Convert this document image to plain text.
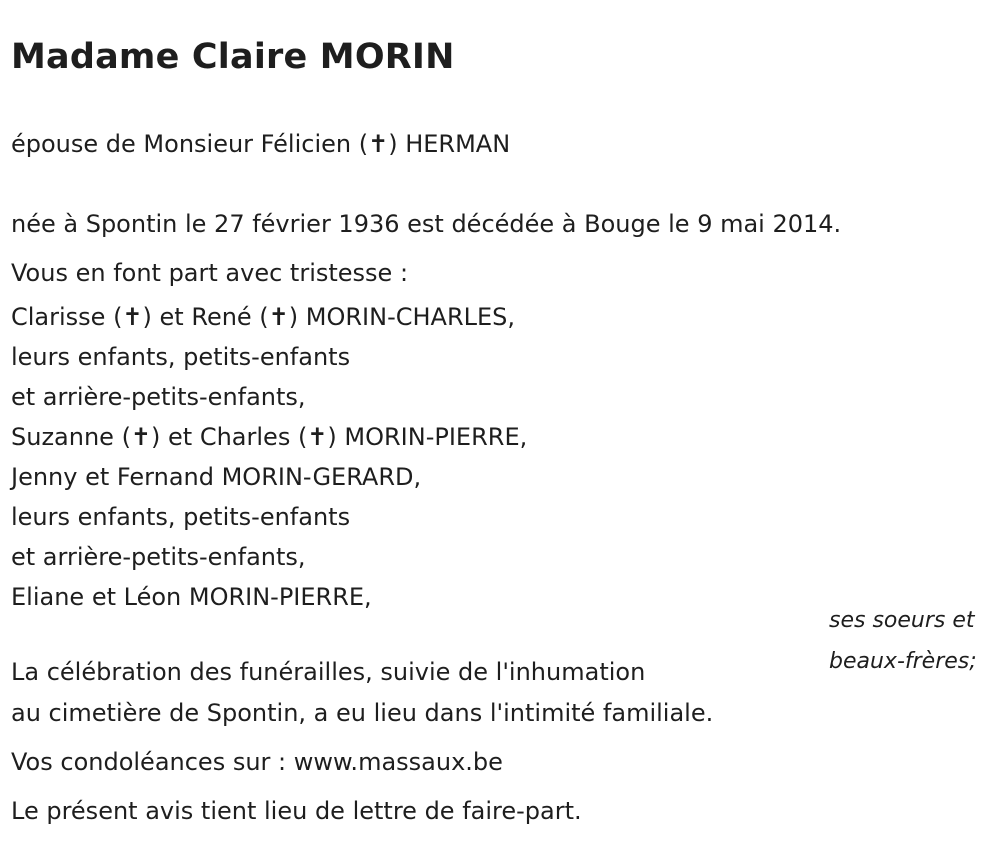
Madame Claire MORIN
épouse de Monsieur Félicien (✝) HERMAN
née à Spontin le 27 février 1936 est décédée à Bouge le 9 mai 2014.
Vous en font part avec tristesse :
Clarisse (✝) et René (✝) MORIN-CHARLES,
leurs enfants, petits-enfants
et arrière-petits-enfants,
Suzanne (✝) et Charles (✝) MORIN-PIERRE,
Jenny et Fernand MORIN-GERARD,
leurs enfants, petits-enfants
et arrière-petits-enfants,
Eliane et Léon MORIN-PIERRE,
ses soeurs et
beaux-frères;
La célébration des funérailles, suivie de l'inhumation
au cimetière de Spontin, a eu lieu dans l'intimité familiale.
Vos condoléances sur : www.massaux.be
Le présent avis tient lieu de lettre de faire-part.
